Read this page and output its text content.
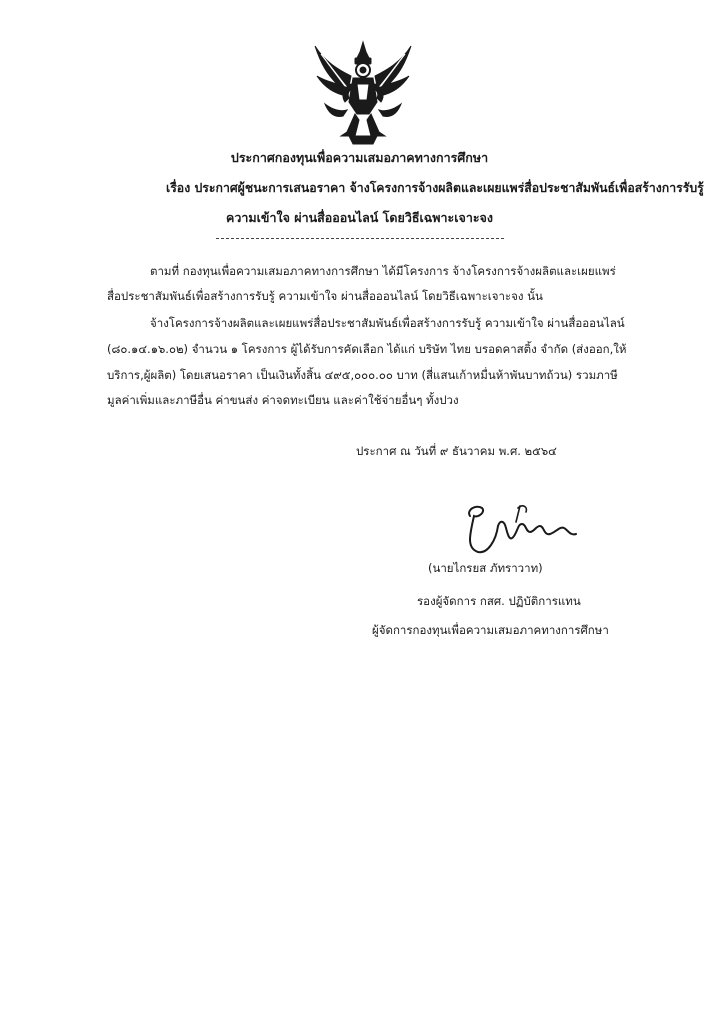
ประกาศกองทุนเพื่อความเสมอภาคทางการศึกษา
เรื่อง ประกาศผู้ชนะการเสนอราคา จ้างโครงการจ้างผลิตและเผยแพร่สื่อประชาสัมพันธ์เพื่อสร้างการรับรู้
ความเข้าใจ ผ่านสื่อออนไลน์ โดยวิธีเฉพาะเจาะจง
ตามที่ กองทุนเพื่อความเสมอภาคทางการศึกษา ได้มีโครงการ จ้างโครงการจ้างผลิตและเผยแพร่
สื่อประชาสัมพันธ์เพื่อสร้างการรับรู้ ความเข้าใจ ผ่านสื่อออนไลน์ โดยวิธีเฉพาะเจาะจง นั้น
จ้างโครงการจ้างผลิตและเผยแพร่สื่อประชาสัมพันธ์เพื่อสร้างการรับรู้ ความเข้าใจ ผ่านสื่อออนไลน์
(๘๐.๑๔.๑๖.๐๒) จำนวน ๑ โครงการ ผู้ได้รับการคัดเลือก ได้แก่ บริษัท ไทย บรอดคาสติ้ง จำกัด (ส่งออก,ให้
บริการ,ผู้ผลิต) โดยเสนอราคา เป็นเงินทั้งสิ้น ๔๙๕,๐๐๐.๐๐ บาท (สี่แสนเก้าหมื่นห้าพันบาทถ้วน) รวมภาษี
มูลค่าเพิ่มและภาษีอื่น ค่าขนส่ง ค่าจดทะเบียน และค่าใช้จ่ายอื่นๆ ทั้งปวง
ประกาศ ณ วันที่ ๙ ธันวาคม พ.ศ. ๒๕๖๔
(นายไกรยส ภัทราวาท)
รองผู้จัดการ กสศ. ปฏิบัติการแทน
ผู้จัดการกองทุนเพื่อความเสมอภาคทางการศึกษา
